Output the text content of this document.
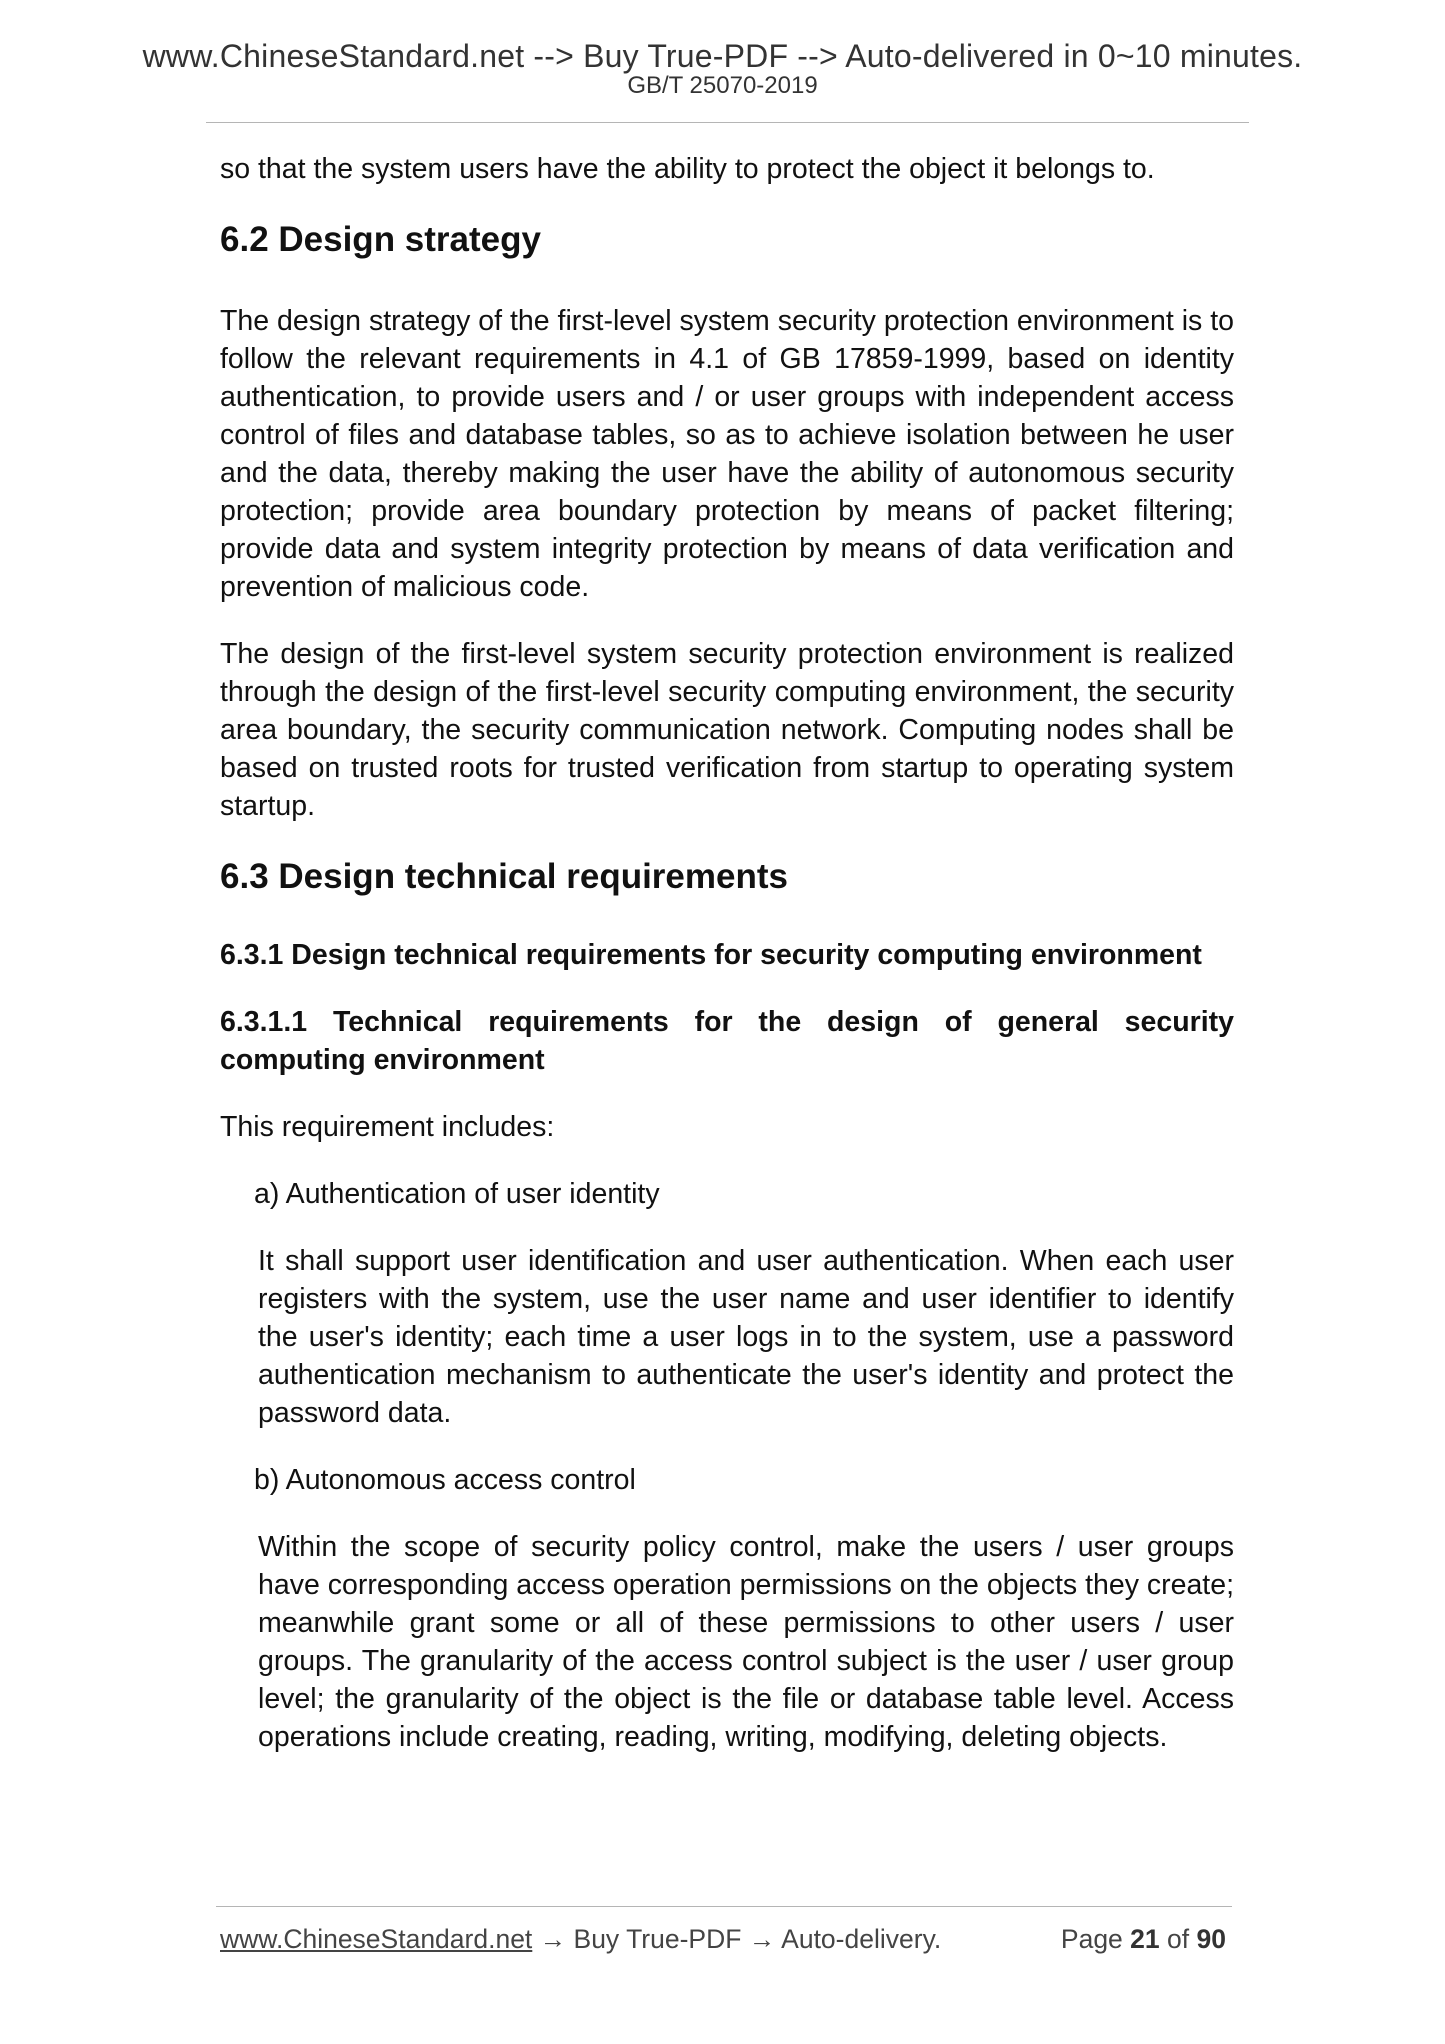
www.ChineseStandard.net --> Buy True-PDF --> Auto-delivered in 0~10 minutes.
GB/T 25070-2019

so that the system users have the ability to protect the object it belongs to.

6.2 Design strategy

The design strategy of the first-level system security protection environment is to follow the relevant requirements in 4.1 of GB 17859-1999, based on identity authentication, to provide users and / or user groups with independent access control of files and database tables, so as to achieve isolation between he user and the data, thereby making the user have the ability of autonomous security protection; provide area boundary protection by means of packet filtering; provide data and system integrity protection by means of data verification and prevention of malicious code.

The design of the first-level system security protection environment is realized through the design of the first-level security computing environment, the security area boundary, the security communication network. Computing nodes shall be based on trusted roots for trusted verification from startup to operating system startup.

6.3 Design technical requirements

6.3.1 Design technical requirements for security computing environment

6.3.1.1 Technical requirements for the design of general security computing environment

This requirement includes:

a) Authentication of user identity

It shall support user identification and user authentication. When each user registers with the system, use the user name and user identifier to identify the user's identity; each time a user logs in to the system, use a password authentication mechanism to authenticate the user's identity and protect the password data.

b) Autonomous access control

Within the scope of security policy control, make the users / user groups have corresponding access operation permissions on the objects they create; meanwhile grant some or all of these permissions to other users / user groups. The granularity of the access control subject is the user / user group level; the granularity of the object is the file or database table level. Access operations include creating, reading, writing, modifying, deleting objects.

www.ChineseStandard.net → Buy True-PDF → Auto-delivery.	Page 21 of 90
